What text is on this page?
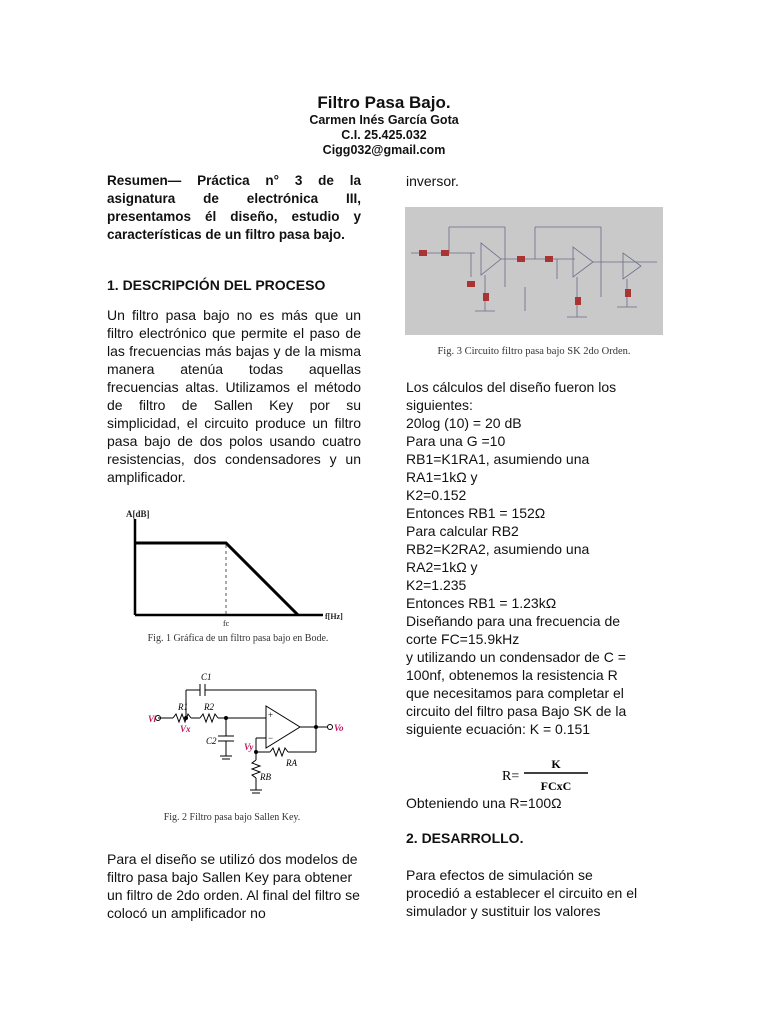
Filtro Pasa Bajo.
Carmen Inés García Gota
C.I. 25.425.032
Cigg032@gmail.com

Resumen— Práctica n° 3 de la asignatura de electrónica III, presentamos él diseño, estudio y características de un filtro pasa bajo.

1. DESCRIPCIÓN DEL PROCESO

Un filtro pasa bajo no es más que un filtro electrónico que permite el paso de las frecuencias más bajas y de la misma manera atenúa todas aquellas frecuencias altas. Utilizamos el método de filtro de Sallen Key por su simplicidad, el circuito produce un filtro pasa bajo de dos polos usando cuatro resistencias, dos condensadores y un amplificador.

A[dB]
fc
f[Hz]
Fig. 1 Gráfica de un filtro pasa bajo en Bode.
C1
R1 R2
C2
RA
RB
+
−
Vi
Vx
Vy
Vo
Fig. 2 Filtro pasa bajo Sallen Key.

Para el diseño se utilizó dos modelos de filtro pasa bajo Sallen Key para obtener un filtro de 2do orden. Al final del filtro se colocó un amplificador no

inversor.

Fig. 3 Circuito filtro pasa bajo SK 2do Orden.
Los cálculos del diseño fueron los
siguientes:
20log (10) = 20 dB
Para una G =10
RB1=K1RA1, asumiendo una
RA1=1kΩ y
K2=0.152
Entonces RB1 = 152Ω
Para calcular RB2
RB2=K2RA2, asumiendo una
RA2=1kΩ y
K2=1.235
Entonces RB1 = 1.23kΩ
Diseñando para una frecuencia de
corte FC=15.9kHz
y utilizando un condensador de C =
100nf, obtenemos la resistencia R
que necesitamos para completar el
circuito del filtro pasa Bajo SK de la
siguiente ecuación: K = 0.151
R=
K
FCxC
Obteniendo una R=100Ω
2. DESARROLLO.
Para efectos de simulación se
procedió a establecer el circuito en el
simulador y sustituir los valores
